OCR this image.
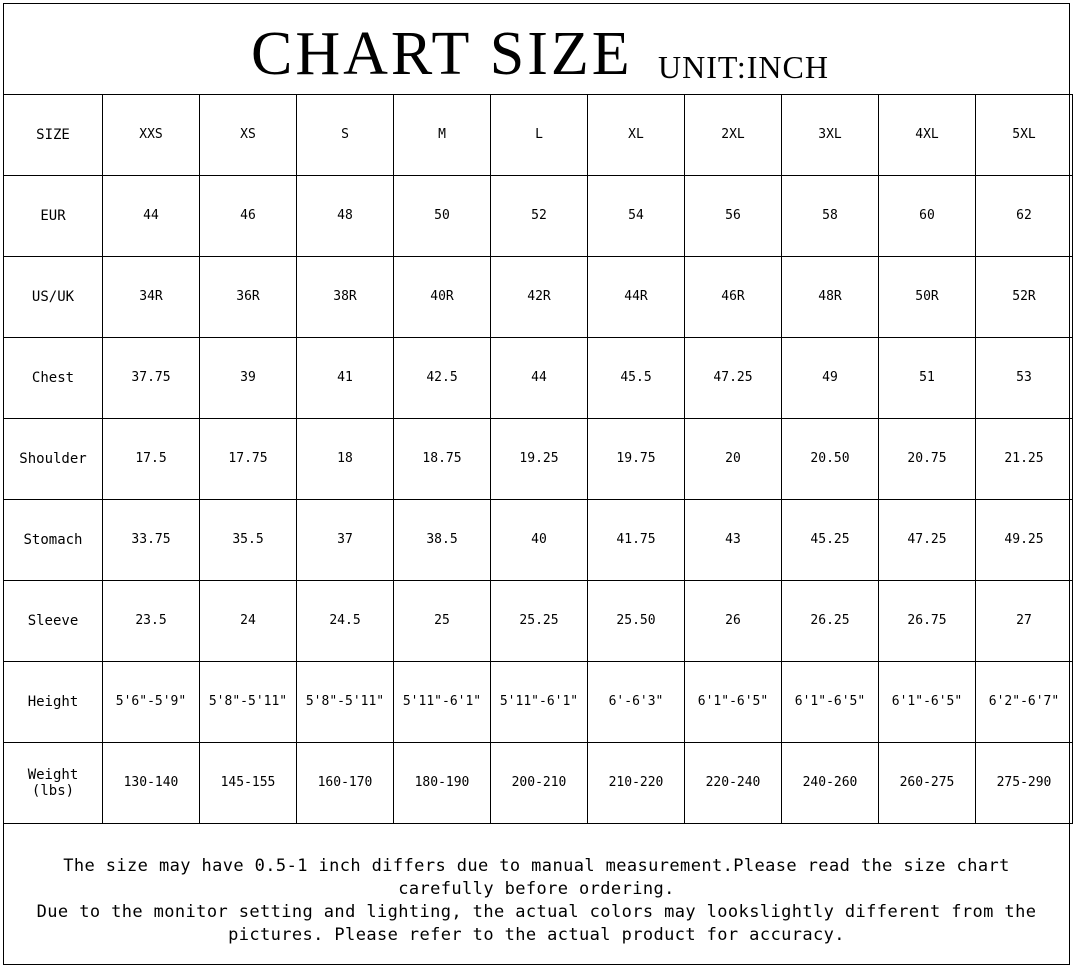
CHART SIZE UNIT:INCH
SIZE	XXS	XS	S	M	L	XL	2XL	3XL	4XL	5XL
EUR	44	46	48	50	52	54	56	58	60	62
US/UK	34R	36R	38R	40R	42R	44R	46R	48R	50R	52R
Chest	37.75	39	41	42.5	44	45.5	47.25	49	51	53
Shoulder	17.5	17.75	18	18.75	19.25	19.75	20	20.50	20.75	21.25
Stomach	33.75	35.5	37	38.5	40	41.75	43	45.25	47.25	49.25
Sleeve	23.5	24	24.5	25	25.25	25.50	26	26.25	26.75	27
Height	5'6"-5'9"	5'8"-5'11"	5'8"-5'11"	5'11"-6'1"	5'11"-6'1"	6'-6'3"	6'1"-6'5"	6'1"-6'5"	6'1"-6'5"	6'2"-6'7"
Weight
(lbs)	130-140	145-155	160-170	180-190	200-210	210-220	220-240	240-260	260-275	275-290
The size may have 0.5-1 inch differs due to manual measurement.Please read the size chart
carefully before ordering.
Due to the monitor setting and lighting, the actual colors may lookslightly different from the
pictures. Please refer to the actual product for accuracy.
